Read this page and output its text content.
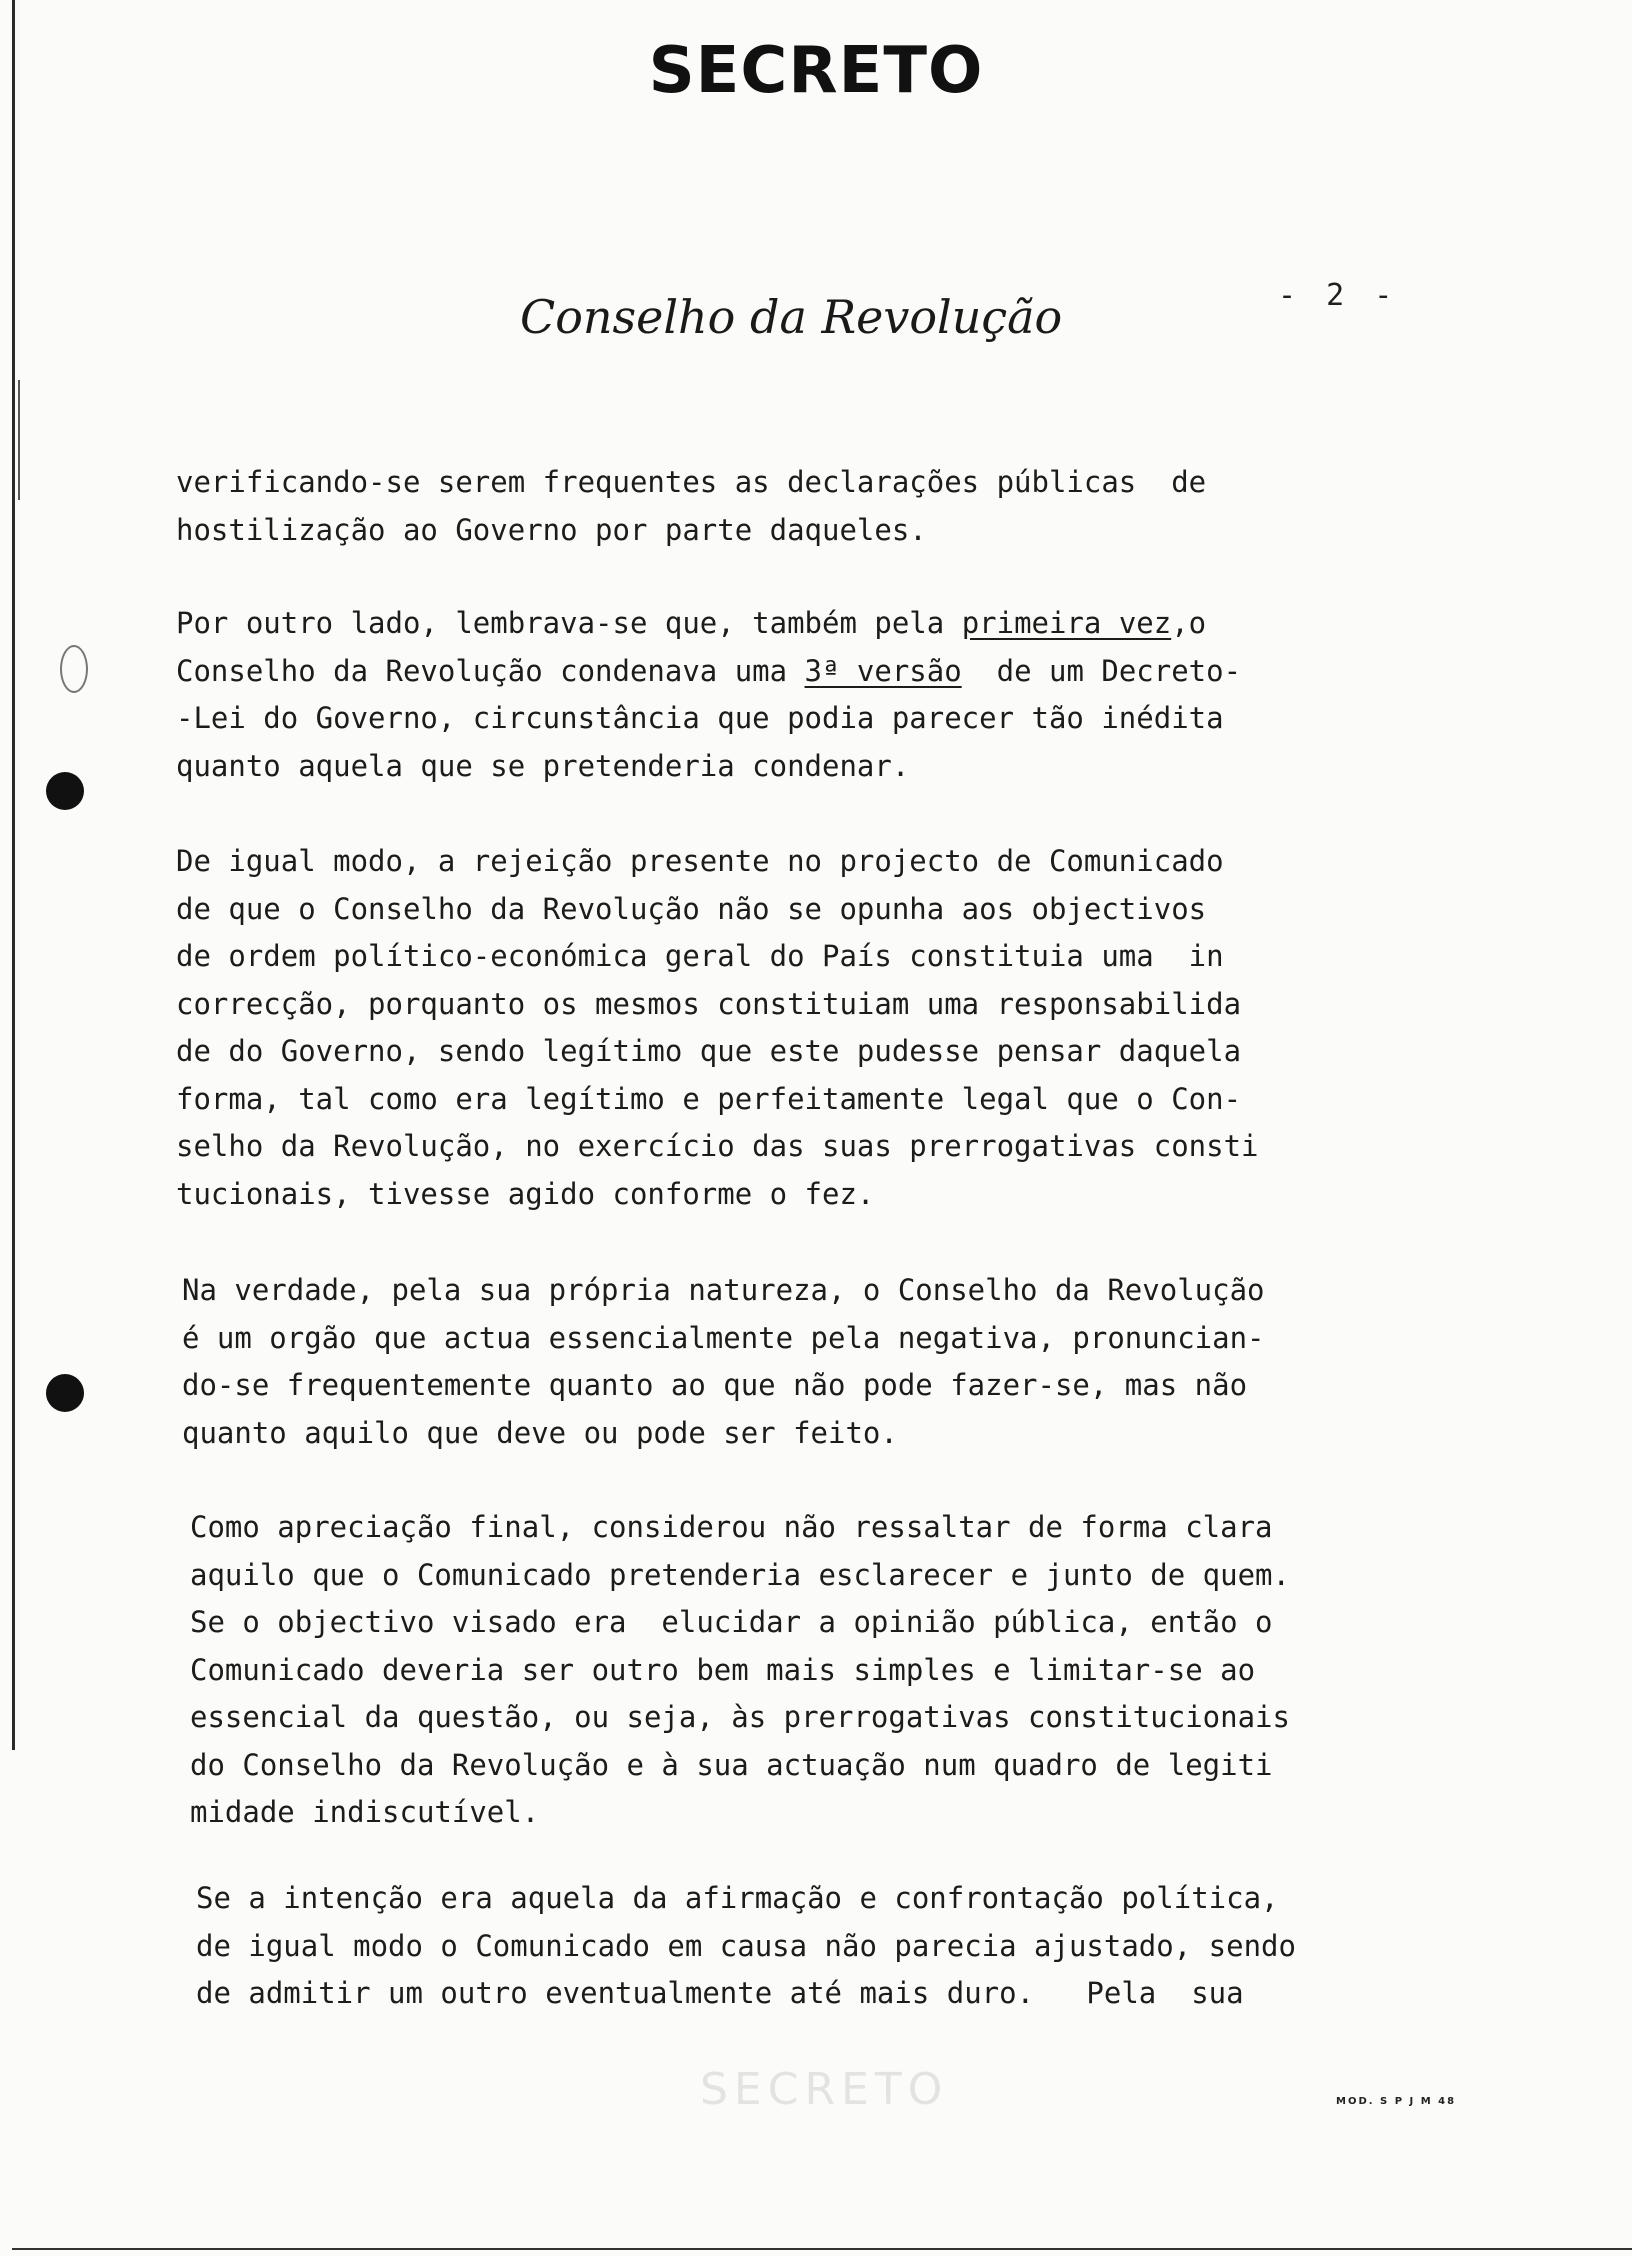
SECRETO
- 2 -
Conselho da Revolução
verificando-se serem frequentes as declarações públicas  de
hostilização ao Governo por parte daqueles.
Por outro lado, lembrava-se que, também pela primeira vez,o
Conselho da Revolução condenava uma 3ª versão  de um Decreto-
-Lei do Governo, circunstância que podia parecer tão inédita
quanto aquela que se pretenderia condenar.
De igual modo, a rejeição presente no projecto de Comunicado
de que o Conselho da Revolução não se opunha aos objectivos
de ordem político-económica geral do País constituia uma  in
correcção, porquanto os mesmos constituiam uma responsabilida
de do Governo, sendo legítimo que este pudesse pensar daquela
forma, tal como era legítimo e perfeitamente legal que o Con-
selho da Revolução, no exercício das suas prerrogativas consti
tucionais, tivesse agido conforme o fez.
Na verdade, pela sua própria natureza, o Conselho da Revolução
é um orgão que actua essencialmente pela negativa, pronuncian-
do-se frequentemente quanto ao que não pode fazer-se, mas não
quanto aquilo que deve ou pode ser feito.
Como apreciação final, considerou não ressaltar de forma clara
aquilo que o Comunicado pretenderia esclarecer e junto de quem.
Se o objectivo visado era  elucidar a opinião pública, então o
Comunicado deveria ser outro bem mais simples e limitar-se ao
essencial da questão, ou seja, às prerrogativas constitucionais
do Conselho da Revolução e à sua actuação num quadro de legiti
midade indiscutível.
Se a intenção era aquela da afirmação e confrontação política,
de igual modo o Comunicado em causa não parecia ajustado, sendo
de admitir um outro eventualmente até mais duro.   Pela  sua
SECRETO	MOD. S P J M 48
